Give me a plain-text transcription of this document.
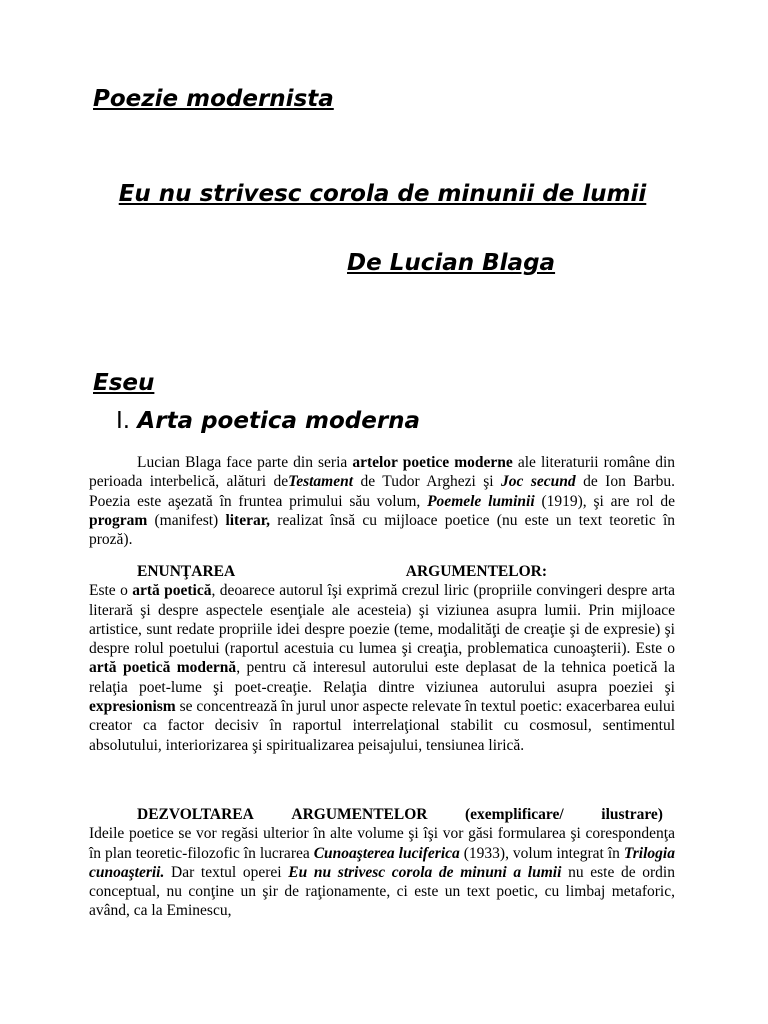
Poezie modernista
Eu nu strivesc corola de minunii de lumii
De Lucian Blaga
Eseu
I. Arta poetica moderna
Lucian Blaga face parte din seria artelor poetice moderne ale literaturii române din perioada interbelică, alături deTestament de Tudor Arghezi şi Joc secund de Ion Barbu. Poezia este aşezată în fruntea primului său volum, Poemele luminii (1919), şi are rol de program (manifest) literar, realizat însă cu mijloace poetice (nu este un text teoretic în proză).
ENUNŢAREA	ARGUMENTELOR:
Este o artă poetică, deoarece autorul îşi exprimă crezul liric (propriile convingeri despre arta literară şi despre aspectele esenţiale ale acesteia) şi viziunea asupra lumii. Prin mijloace artistice, sunt redate propriile idei despre poezie (teme, modalităţi de creaţie şi de expresie) şi despre rolul poetului (raportul acestuia cu lumea şi creaţia, problematica cunoaşterii). Este o artă poetică modernă, pentru că interesul autorului este deplasat de la tehnica poetică la relaţia poet-lume şi poet-creaţie. Relaţia dintre viziunea autorului asupra poeziei şi expresionism se concentrează în jurul unor aspecte relevate în textul poetic: exacerbarea eului creator ca factor decisiv în raportul interrelaţional stabilit cu cosmosul, sentimentul absolutului, interiorizarea şi spiritualizarea peisajului, tensiunea lirică.
DEZVOLTAREA ARGUMENTELOR (exemplificare/ ilustrare)
Ideile poetice se vor regăsi ulterior în alte volume şi îşi vor găsi formularea şi corespondenţa în plan teoretic-filozofic în lucrarea Cunoaşterea luciferica (1933), volum integrat în Trilogia cunoaşterii. Dar textul operei Eu nu strivesc corola de minuni a lumii nu este de ordin conceptual, nu conţine un şir de raţionamente, ci este un text poetic, cu limbaj metaforic, având, ca la Eminescu,
